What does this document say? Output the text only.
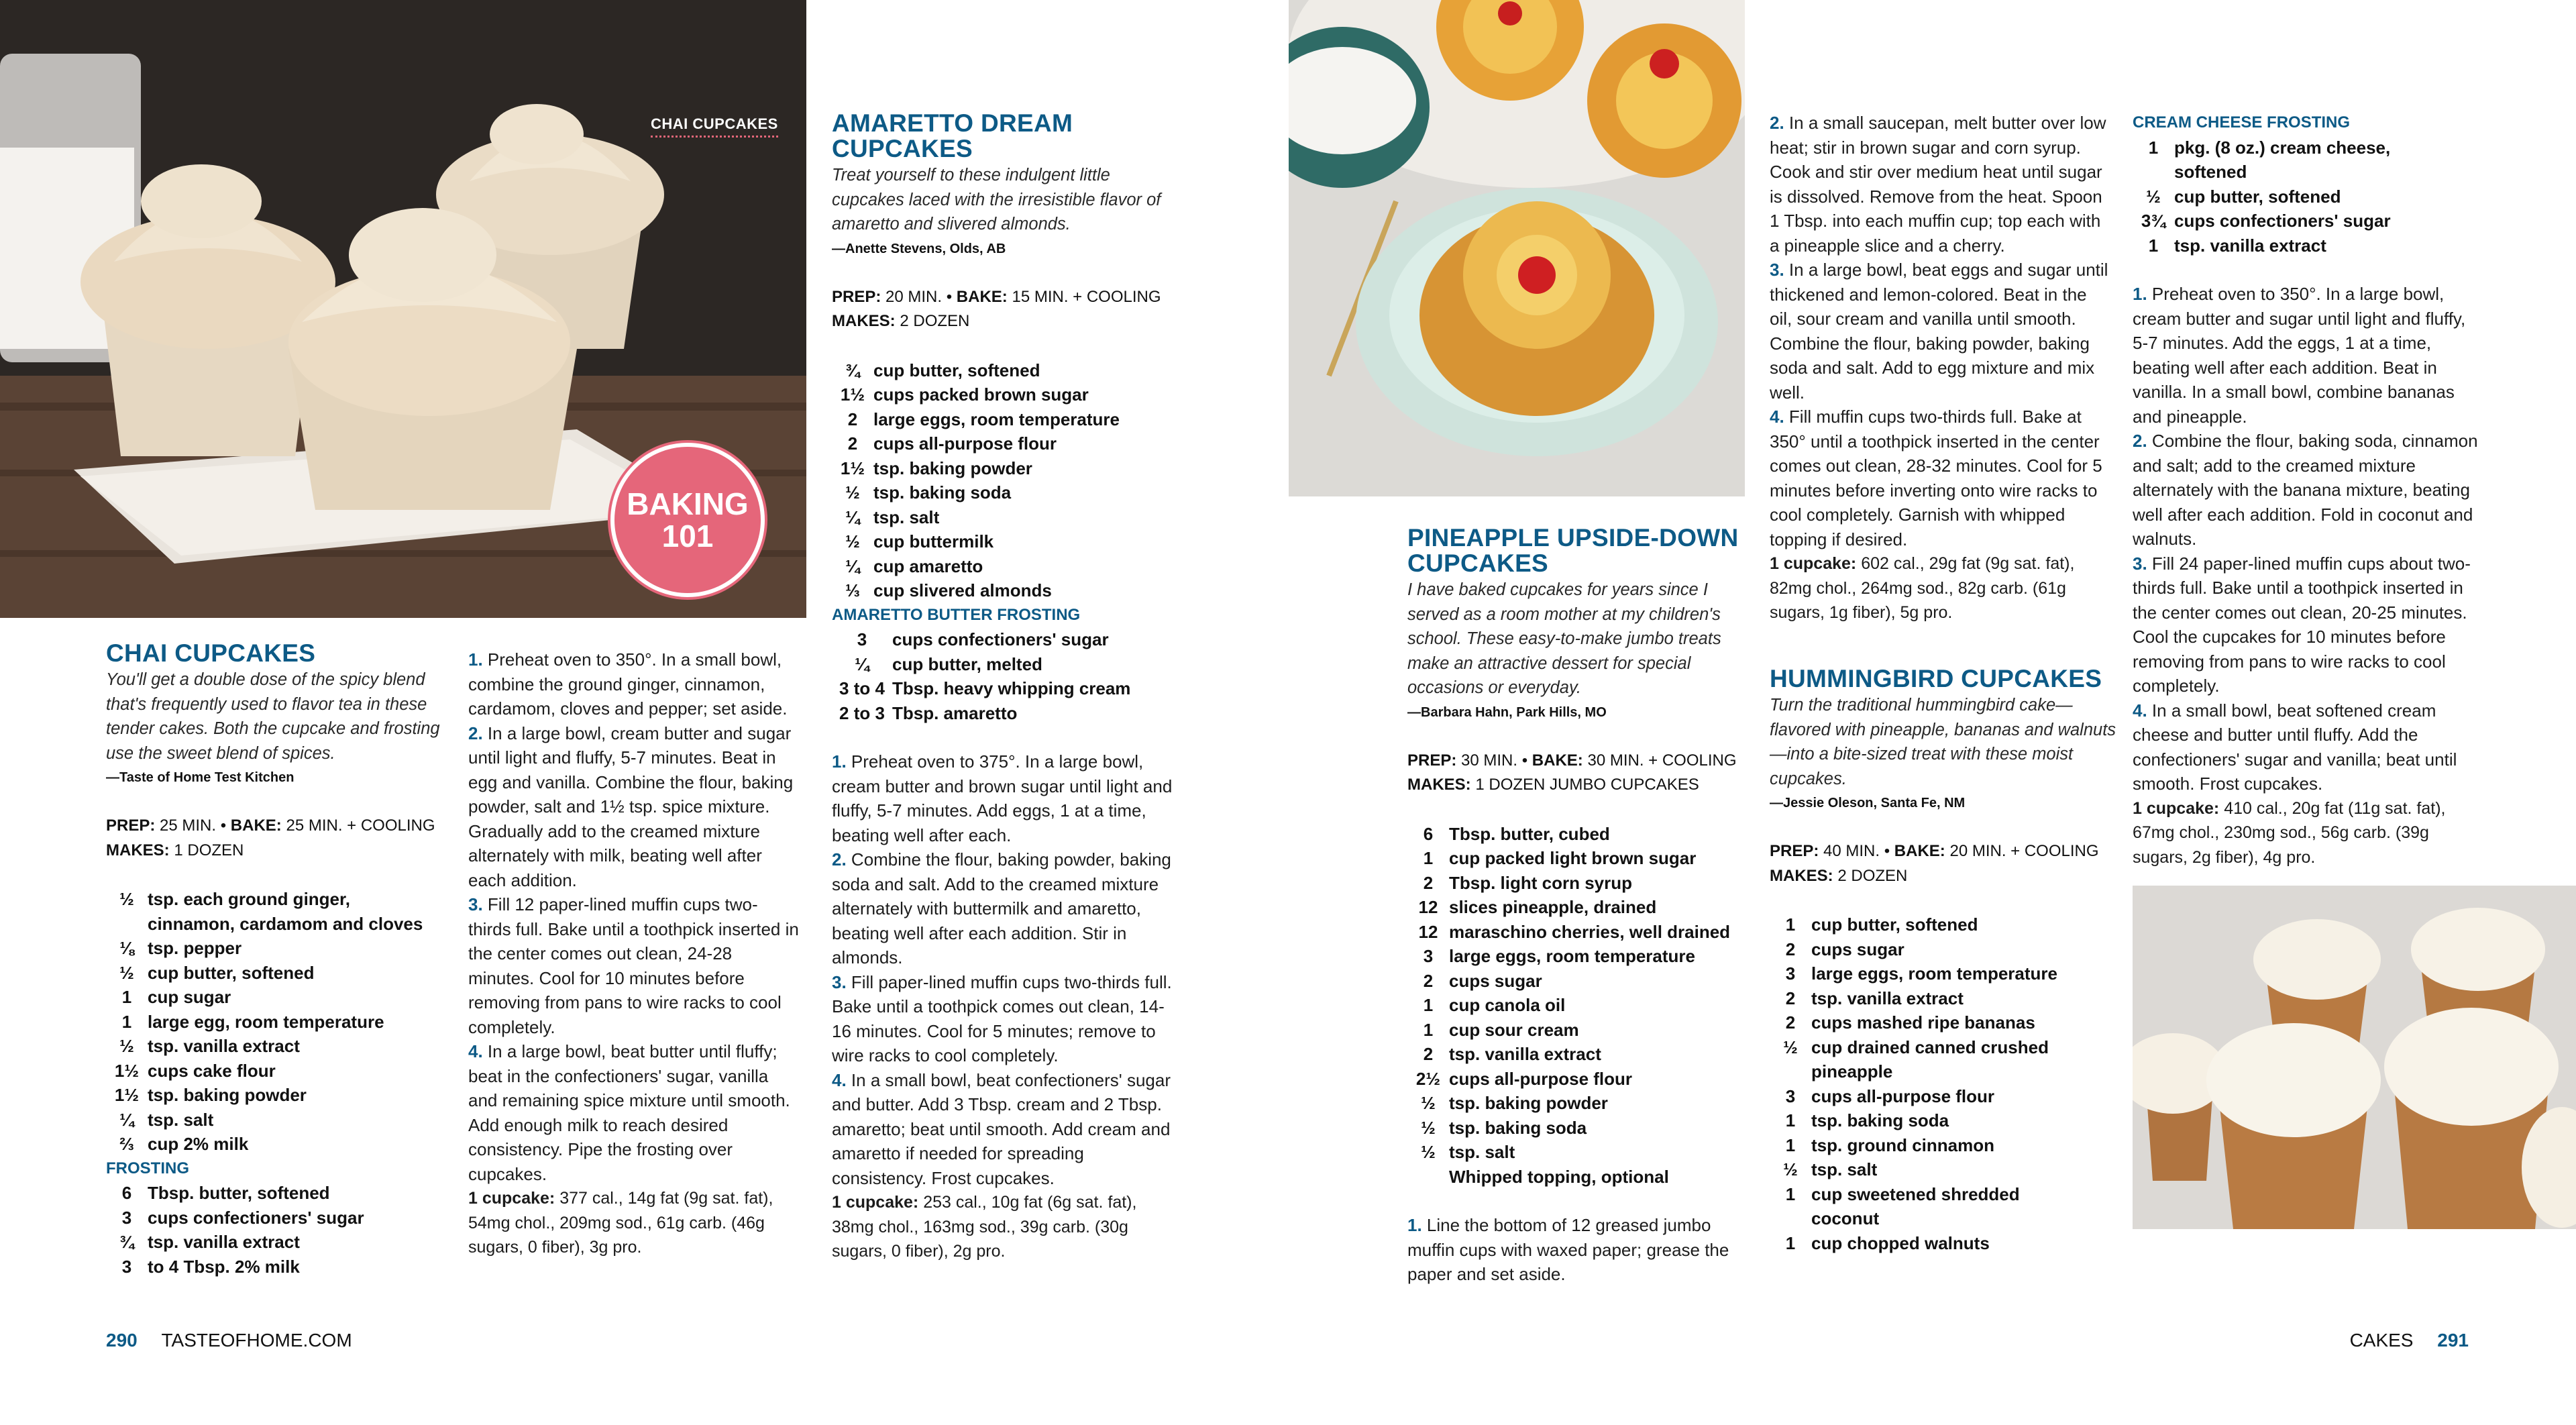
CHAI CUPCAKES
BAKING
101
CHAI CUPCAKES
You'll get a double dose of the spicy blend that's frequently used to flavor tea in these tender cakes. Both the cupcake and frosting use the sweet blend of spices.
—Taste of Home Test Kitchen
PREP: 25 MIN. • BAKE: 25 MIN. + COOLING
MAKES: 1 DOZEN
½ tsp. each ground ginger,
cinnamon, cardamom and cloves
⅛ tsp. pepper
½ cup butter, softened
1 cup sugar
1 large egg, room temperature
½ tsp. vanilla extract
1½ cups cake flour
1½ tsp. baking powder
¼ tsp. salt
⅔ cup 2% milk
FROSTING
6 Tbsp. butter, softened
3 cups confectioners' sugar
¾ tsp. vanilla extract
3 to 4 Tbsp. 2% milk

1. Preheat oven to 350°. In a small bowl, combine the ground ginger, cinnamon, cardamom, cloves and pepper; set aside.

2. In a large bowl, cream butter and sugar until light and fluffy, 5-7 minutes. Beat in egg and vanilla. Combine the flour, baking powder, salt and 1½ tsp. spice mixture. Gradually add to the creamed mixture alternately with milk, beating well after each addition.

3. Fill 12 paper-lined muffin cups two-thirds full. Bake until a toothpick inserted in the center comes out clean, 24-28 minutes. Cool for 10 minutes before removing from pans to wire racks to cool completely.

4. In a large bowl, beat butter until fluffy; beat in the confectioners' sugar, vanilla and remaining spice mixture until smooth. Add enough milk to reach desired consistency. Pipe the frosting over cupcakes.

1 cupcake: 377 cal., 14g fat (9g sat. fat), 54mg chol., 209mg sod., 61g carb. (46g sugars, 0 fiber), 3g pro.
AMARETTO DREAM
CUPCAKES
Treat yourself to these indulgent little cupcakes laced with the irresistible flavor of amaretto and slivered almonds.
—Anette Stevens, Olds, AB
PREP: 20 MIN. • BAKE: 15 MIN. + COOLING
MAKES: 2 DOZEN
¾ cup butter, softened
1½ cups packed brown sugar
2 large eggs, room temperature
2 cups all-purpose flour
1½ tsp. baking powder
½ tsp. baking soda
¼ tsp. salt
½ cup buttermilk
¼ cup amaretto
⅓ cup slivered almonds
AMARETTO BUTTER FROSTING
3	cups confectioners' sugar
¼	cup butter, melted
3 to 4 Tbsp. heavy whipping cream
2 to 3 Tbsp. amaretto

1. Preheat oven to 375°. In a large bowl, cream butter and brown sugar until light and fluffy, 5-7 minutes. Add eggs, 1 at a time, beating well after each.

2. Combine the flour, baking powder, baking soda and salt. Add to the creamed mixture alternately with buttermilk and amaretto, beating well after each addition. Stir in almonds.

3. Fill paper-lined muffin cups two-thirds full. Bake until a toothpick comes out clean, 14-16 minutes. Cool for 5 minutes; remove to wire racks to cool completely.

4. In a small bowl, beat confectioners' sugar and butter. Add 3 Tbsp. cream and 2 Tbsp. amaretto; beat until smooth. Add cream and amaretto if needed for spreading consistency. Frost cupcakes.

1 cupcake: 253 cal., 10g fat (6g sat. fat), 38mg chol., 163mg sod., 39g carb. (30g sugars, 0 fiber), 2g pro.
PINEAPPLE UPSIDE-DOWN
CUPCAKES
I have baked cupcakes for years since I served as a room mother at my children's school. These easy-to-make jumbo treats make an attractive dessert for special occasions or everyday.
—Barbara Hahn, Park Hills, MO
PREP: 30 MIN. • BAKE: 30 MIN. + COOLING
MAKES: 1 DOZEN JUMBO CUPCAKES
6 Tbsp. butter, cubed
1 cup packed light brown sugar
2 Tbsp. light corn syrup
12 slices pineapple, drained
12 maraschino cherries, well drained
3 large eggs, room temperature
2 cups sugar
1 cup canola oil
1 cup sour cream
2 tsp. vanilla extract
2½ cups all-purpose flour
½ tsp. baking powder
½ tsp. baking soda
½ tsp. salt
Whipped topping, optional

1. Line the bottom of 12 greased jumbo muffin cups with waxed paper; grease the paper and set aside.

2. In a small saucepan, melt butter over low heat; stir in brown sugar and corn syrup. Cook and stir over medium heat until sugar is dissolved. Remove from the heat. Spoon 1 Tbsp. into each muffin cup; top each with a pineapple slice and a cherry.

3. In a large bowl, beat eggs and sugar until thickened and lemon-colored. Beat in the oil, sour cream and vanilla until smooth. Combine the flour, baking powder, baking soda and salt. Add to egg mixture and mix well.

4. Fill muffin cups two-thirds full. Bake at 350° until a toothpick inserted in the center comes out clean, 28-32 minutes. Cool for 5 minutes before inverting onto wire racks to cool completely. Garnish with whipped topping if desired.

1 cupcake: 602 cal., 29g fat (9g sat. fat), 82mg chol., 264mg sod., 82g carb. (61g sugars, 1g fiber), 5g pro.
HUMMINGBIRD CUPCAKES
Turn the traditional hummingbird cake—flavored with pineapple, bananas and walnuts—into a bite-sized treat with these moist cupcakes.
—Jessie Oleson, Santa Fe, NM
PREP: 40 MIN. • BAKE: 20 MIN. + COOLING
MAKES: 2 DOZEN
1 cup butter, softened
2 cups sugar
3 large eggs, room temperature
2 tsp. vanilla extract
2 cups mashed ripe bananas
½ cup drained canned crushed
pineapple
3 cups all-purpose flour
1 tsp. baking soda
1 tsp. ground cinnamon
½ tsp. salt
1 cup sweetened shredded
coconut
1 cup chopped walnuts
CREAM CHEESE FROSTING
1 pkg. (8 oz.) cream cheese,
softened
½ cup butter, softened
3¾ cups confectioners' sugar
1 tsp. vanilla extract

1. Preheat oven to 350°. In a large bowl, cream butter and sugar until light and fluffy, 5-7 minutes. Add the eggs, 1 at a time, beating well after each addition. Beat in vanilla. In a small bowl, combine bananas and pineapple.

2. Combine the flour, baking soda, cinnamon and salt; add to the creamed mixture alternately with the banana mixture, beating well after each addition. Fold in coconut and walnuts.

3. Fill 24 paper-lined muffin cups about two-thirds full. Bake until a toothpick inserted in the center comes out clean, 20-25 minutes. Cool the cupcakes for 10 minutes before removing from pans to wire racks to cool completely.

4. In a small bowl, beat softened cream cheese and butter until fluffy. Add the confectioners' sugar and vanilla; beat until smooth. Frost cupcakes.

1 cupcake: 410 cal., 20g fat (11g sat. fat), 67mg chol., 230mg sod., 56g carb. (39g sugars, 2g fiber), 4g pro.
290 TASTEOFHOME.COM	CAKES 291
